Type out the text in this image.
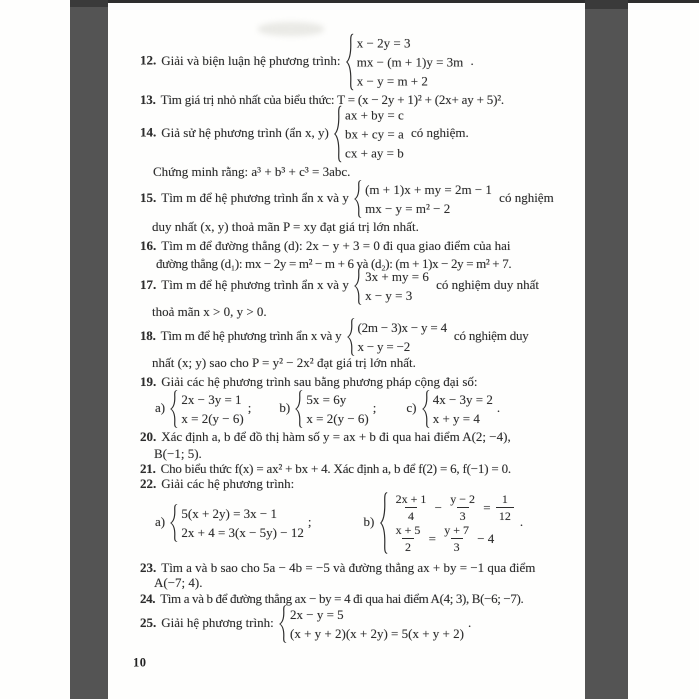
10
12. Giải và biện luận hệ phương trình:
x − 2y = 3
mx − (m + 1)y = 3m
x − y = m + 2
.
13. Tìm giá trị nhỏ nhất của biểu thức: T = (x − 2y + 1)² + (2x+ ay + 5)².
14. Giả sử hệ phương trình (ẩn x, y)
ax + by = c
bx + cy = a
cx + ay = b
có nghiệm.
Chứng minh rằng: a³ + b³ + c³ = 3abc.
15. Tìm m để hệ phương trình ẩn x và y
(m + 1)x + my = 2m − 1
mx − y = m² − 2
có nghiệm
duy nhất (x, y) thoả mãn P = xy đạt giá trị lớn nhất.
16. Tìm m để đường thẳng (d): 2x − y + 3 = 0 đi qua giao điểm của hai
đường thẳng (d₁): mx − 2y = m² − m + 6 và (d₂): (m + 1)x − 2y = m² + 7.
17. Tìm m để hệ phương trình ẩn x và y
3x + my = 6
x − y = 3
có nghiệm duy nhất
thoả mãn x > 0, y > 0.
18. Tìm m để hệ phương trình ẩn x và y
(2m − 3)x − y = 4
x − y = −2
có nghiệm duy
nhất (x; y) sao cho P = y² − 2x² đạt giá trị lớn nhất.
19. Giải các hệ phương trình sau bằng phương pháp cộng đại số:
a)
2x − 3y = 1
x = 2(y − 6)
; b)
5x = 6y
x = 2(y − 6)
; c)
4x − 3y = 2
x + y = 4
.
20. Xác định a, b để đồ thị hàm số y = ax + b đi qua hai điểm A(2; −4),
B(−1; 5).
21. Cho biểu thức f(x) = ax² + bx + 4. Xác định a, b để f(2) = 6, f(−1) = 0.
22. Giải các hệ phương trình:
a)
5(x + 2y) = 3x − 1
2x + 4 = 3(x − 5y) − 12
;	$b) \frac{2x + 1}{4} - \frac{y - 2}{3} = \frac{1}{12}$
$\frac{x + 5}{2} = \frac{y + 7}{3} - 4$
.
23. Tìm a và b sao cho 5a − 4b = −5 và đường thẳng ax + by = −1 qua điểm
A(−7; 4).
24. Tìm a và b để đường thẳng ax − by = 4 đi qua hai điểm A(4; 3), B(−6; −7).
25. Giải hệ phương trình:
2x − y = 5
(x + y + 2)(x + 2y) = 5(x + y + 2)
.
